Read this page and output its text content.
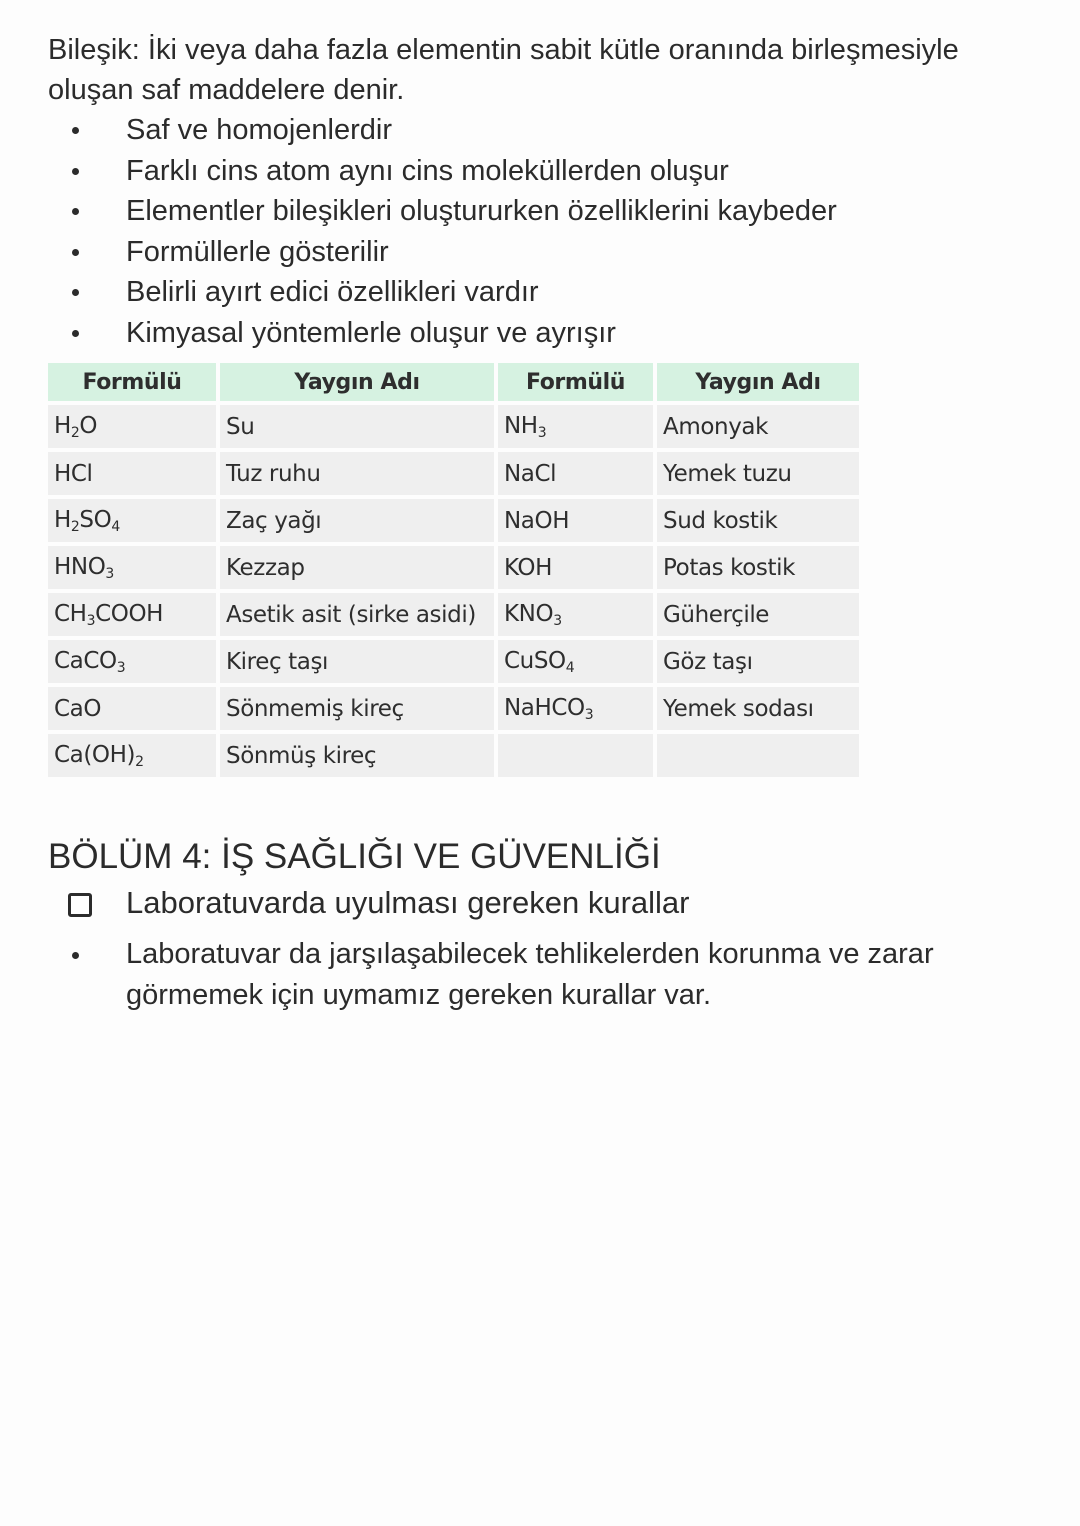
Bileşik: İki veya daha fazla elementin sabit kütle oranında birleşmesiyle oluşan saf maddelere denir.

Saf ve homojenlerdir
Farklı cins atom aynı cins moleküllerden oluşur
Elementler bileşikleri oluştururken özelliklerini kaybeder
Formüllerle gösterilir
Belirli ayırt edici özellikleri vardır
Kimyasal yöntemlerle oluşur ve ayrışır
Formülü	Yaygın Adı	Formülü	Yaygın Adı
$H_2O$	Su	$NH_3$	Amonyak
HCl	Tuz ruhu	NaCl	Yemek tuzu
$H_2SO_4$	Zaç yağı	NaOH	Sud kostik
$HNO_3$	Kezzap	KOH	Potas kostik
$CH_3COOH$	Asetik asit (sirke asidi)	$KNO_3$	Güherçile
CaCO$_3$	Kireç taşı	CuSO$_4$	Göz taşı
CaO	Sönmemiş kireç	NaHCO$_3$	Yemek sodası
$Ca(OH)_2$	Sönmüş kireç		
BÖLÜM 4: İŞ SAĞLIĞI VE GÜVENLİĞİ
Laboratuvarda uyulması gereken kurallar
Laboratuvar da jarşılaşabilecek tehlikelerden korunma ve zarar görmemek için uymamız gereken kurallar var.
